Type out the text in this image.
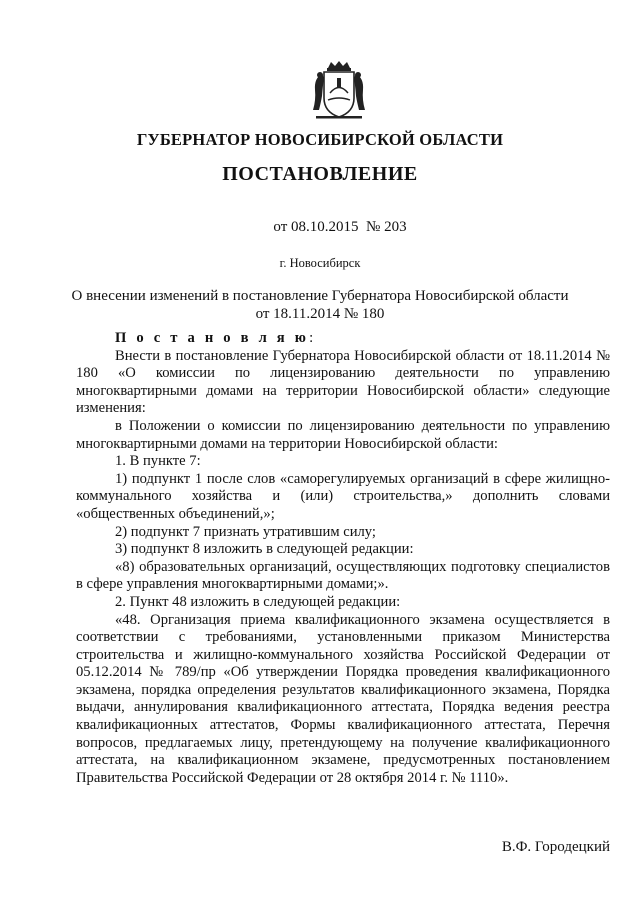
ГУБЕРНАТОР НОВОСИБИРСКОЙ ОБЛАСТИ
ПОСТАНОВЛЕНИЕ
от 08.10.2015  № 203
г. Новосибирск
О внесении изменений в постановление Губернатора Новосибирской области
от 18.11.2014 № 180

П о с т а н о в л я ю:

Внести в постановление Губернатора Новосибирской области от 18.11.2014 № 180 «О комиссии по лицензированию деятельности по управлению многоквартирными домами на территории Новосибирской области» следующие изменения:

в Положении о комиссии по лицензированию деятельности по управлению многоквартирными домами на территории Новосибирской области:

1. В пункте 7:

1) подпункт 1 после слов «саморегулируемых организаций в сфере жилищно-коммунального хозяйства и (или) строительства,» дополнить словами «общественных объединений,»;

2) подпункт 7 признать утратившим силу;

3) подпункт 8 изложить в следующей редакции:

«8) образовательных организаций, осуществляющих подготовку специалистов в сфере управления многоквартирными домами;».

2. Пункт 48 изложить в следующей редакции:

«48. Организация приема квалификационного экзамена осуществляется в соответствии с требованиями, установленными приказом Министерства строительства и жилищно-коммунального хозяйства Российской Федерации от 05.12.2014 № 789/пр «Об утверждении Порядка проведения квалификационного экзамена, порядка определения результатов квалификационного экзамена, Порядка выдачи, аннулирования квалификационного аттестата, Порядка ведения реестра квалификационных аттестатов, Формы квалификационного аттестата, Перечня вопросов, предлагаемых лицу, претендующему на получение квалификационного аттестата, на квалификационном экзамене, предусмотренных постановлением Правительства Российской Федерации от 28 октября 2014 г. № 1110».

В.Ф. Городецкий
